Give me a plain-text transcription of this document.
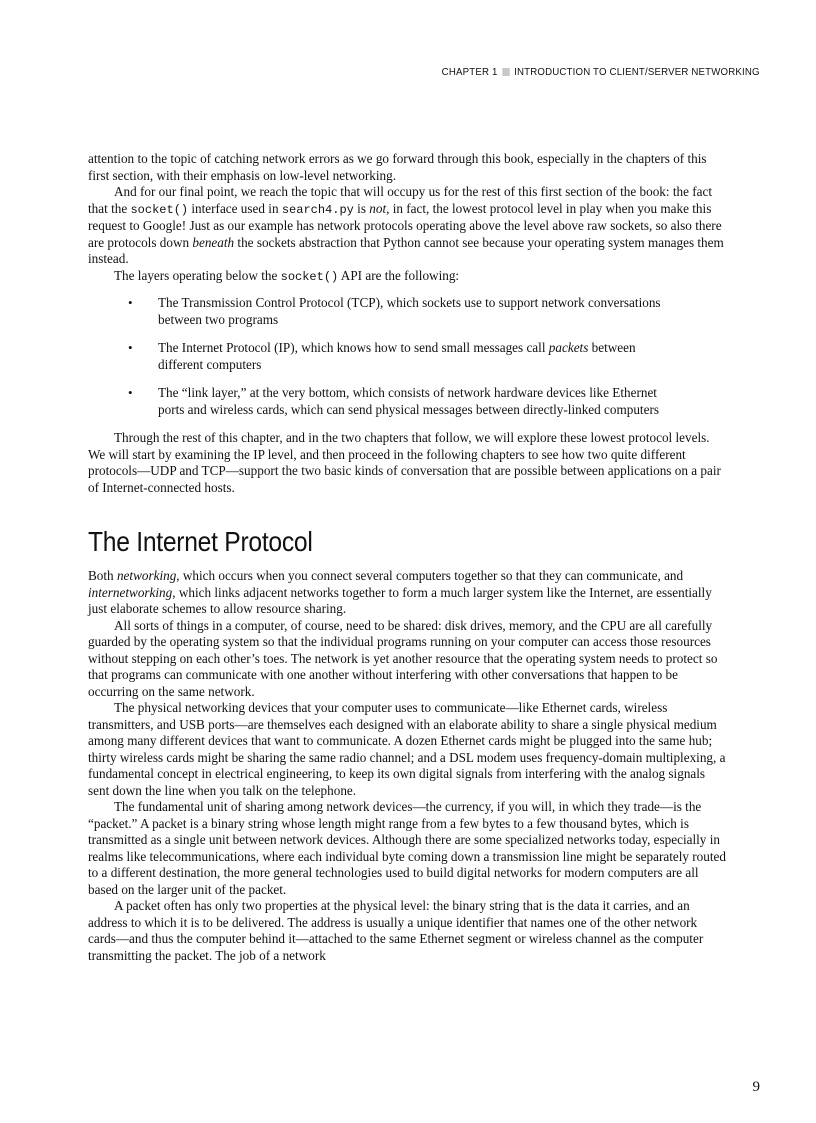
CHAPTER 1 INTRODUCTION TO CLIENT/SERVER NETWORKING

attention to the topic of catching network errors as we go forward through this book, especially in the chapters of this first section, with their emphasis on low-level networking.

And for our final point, we reach the topic that will occupy us for the rest of this first section of the book: the fact that the socket() interface used in search4.py is not, in fact, the lowest protocol level in play when you make this request to Google! Just as our example has network protocols operating above the level above raw sockets, so also there are protocols down beneath the sockets abstraction that Python cannot see because your operating system manages them instead.

The layers operating below the socket() API are the following:

• The Transmission Control Protocol (TCP), which sockets use to support network conversations between two programs
• The Internet Protocol (IP), which knows how to send small messages call packets between different computers
• The “link layer,” at the very bottom, which consists of network hardware devices like Ethernet ports and wireless cards, which can send physical messages between directly-linked computers

Through the rest of this chapter, and in the two chapters that follow, we will explore these lowest protocol levels. We will start by examining the IP level, and then proceed in the following chapters to see how two quite different protocols—UDP and TCP—support the two basic kinds of conversation that are possible between applications on a pair of Internet-connected hosts.

The Internet Protocol

Both networking, which occurs when you connect several computers together so that they can communicate, and internetworking, which links adjacent networks together to form a much larger system like the Internet, are essentially just elaborate schemes to allow resource sharing.

All sorts of things in a computer, of course, need to be shared: disk drives, memory, and the CPU are all carefully guarded by the operating system so that the individual programs running on your computer can access those resources without stepping on each other’s toes. The network is yet another resource that the operating system needs to protect so that programs can communicate with one another without interfering with other conversations that happen to be occurring on the same network.

The physical networking devices that your computer uses to communicate—like Ethernet cards, wireless transmitters, and USB ports—are themselves each designed with an elaborate ability to share a single physical medium among many different devices that want to communicate. A dozen Ethernet cards might be plugged into the same hub; thirty wireless cards might be sharing the same radio channel; and a DSL modem uses frequency-domain multiplexing, a fundamental concept in electrical engineering, to keep its own digital signals from interfering with the analog signals sent down the line when you talk on the telephone.

The fundamental unit of sharing among network devices—the currency, if you will, in which they trade—is the “packet.” A packet is a binary string whose length might range from a few bytes to a few thousand bytes, which is transmitted as a single unit between network devices. Although there are some specialized networks today, especially in realms like telecommunications, where each individual byte coming down a transmission line might be separately routed to a different destination, the more general technologies used to build digital networks for modern computers are all based on the larger unit of the packet.

A packet often has only two properties at the physical level: the binary string that is the data it carries, and an address to which it is to be delivered. The address is usually a unique identifier that names one of the other network cards—and thus the computer behind it—attached to the same Ethernet segment or wireless channel as the computer transmitting the packet. The job of a network

9
